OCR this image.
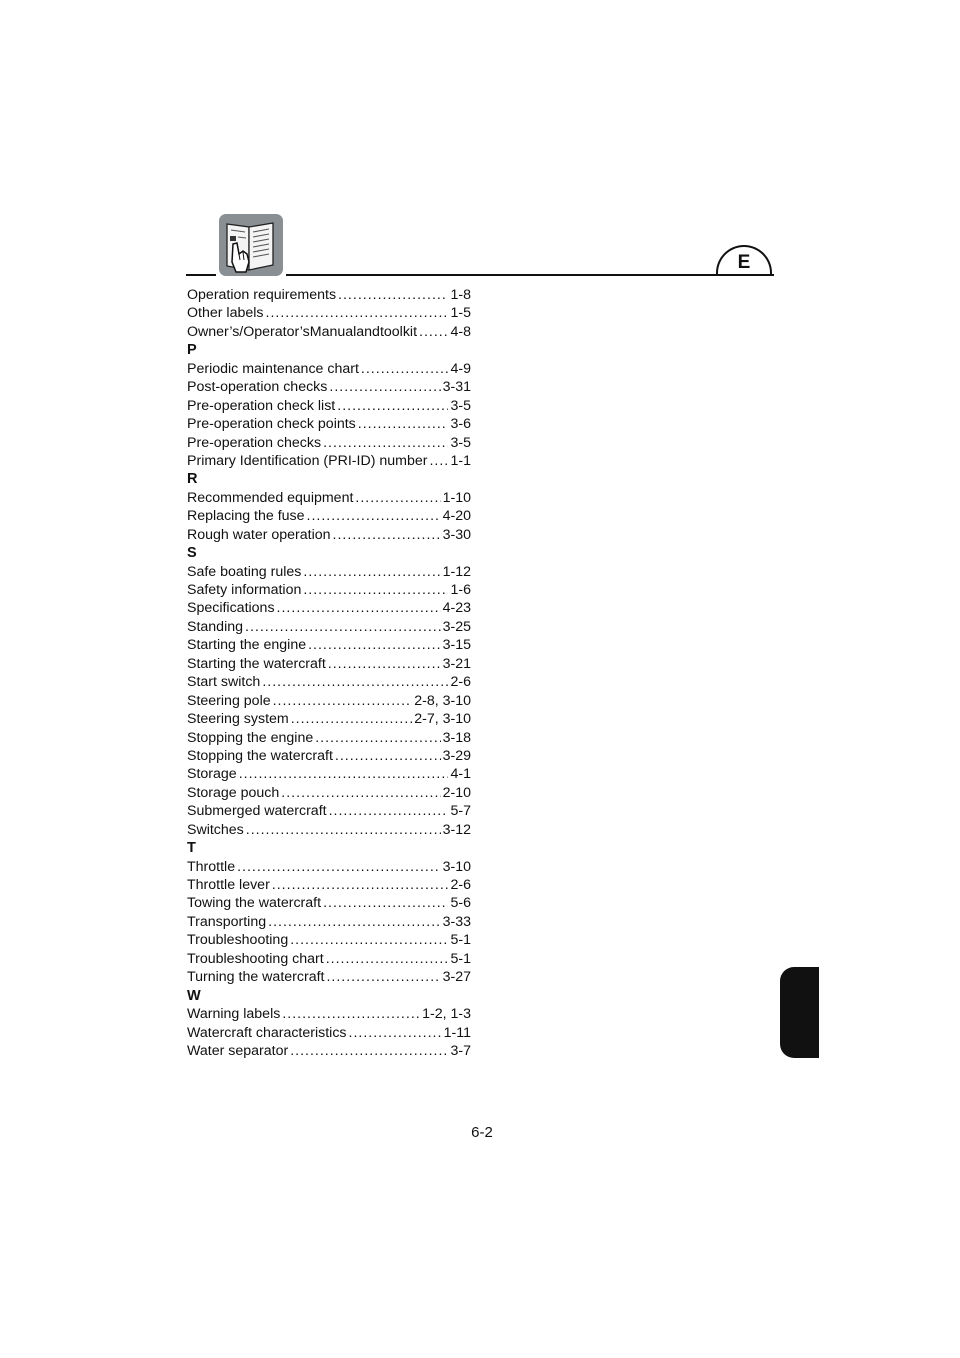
E
Operation requirements .....	1-8
Other labels .....	1-5
Owner’s/Operator’sManualandtoolkit ..... 4-8
P
Periodic maintenance chart .....	4-9
Post-operation checks .....	3-31
Pre-operation check list .....	3-5
Pre-operation check points .....	3-6
Pre-operation checks .....	3-5
Primary Identification (PRI-ID) number ..... 1-1
R
Recommended equipment .....	1-10
Replacing the fuse .....	4-20
Rough water operation .....	3-30
S
Safe boating rules .....	1-12
Safety information .....	1-6
Specifications .....	4-23
Standing .....	3-25
Starting the engine .....	3-15
Starting the watercraft .....	3-21
Start switch .....	2-6
Steering pole .....	2-8, 3-10
Steering system .....	2-7, 3-10
Stopping the engine .....	3-18
Stopping the watercraft .....	3-29
Storage .....	4-1
Storage pouch .....	2-10
Submerged watercraft .....	5-7
Switches .....	3-12
T
Throttle .....	3-10
Throttle lever .....	2-6
Towing the watercraft .....	5-6
Transporting .....	3-33
Troubleshooting .....	5-1
Troubleshooting chart .....	5-1
Turning the watercraft .....	3-27
W
Warning labels .....	1-2, 1-3
Watercraft characteristics .....	1-11
Water separator .....	3-7
6-2
